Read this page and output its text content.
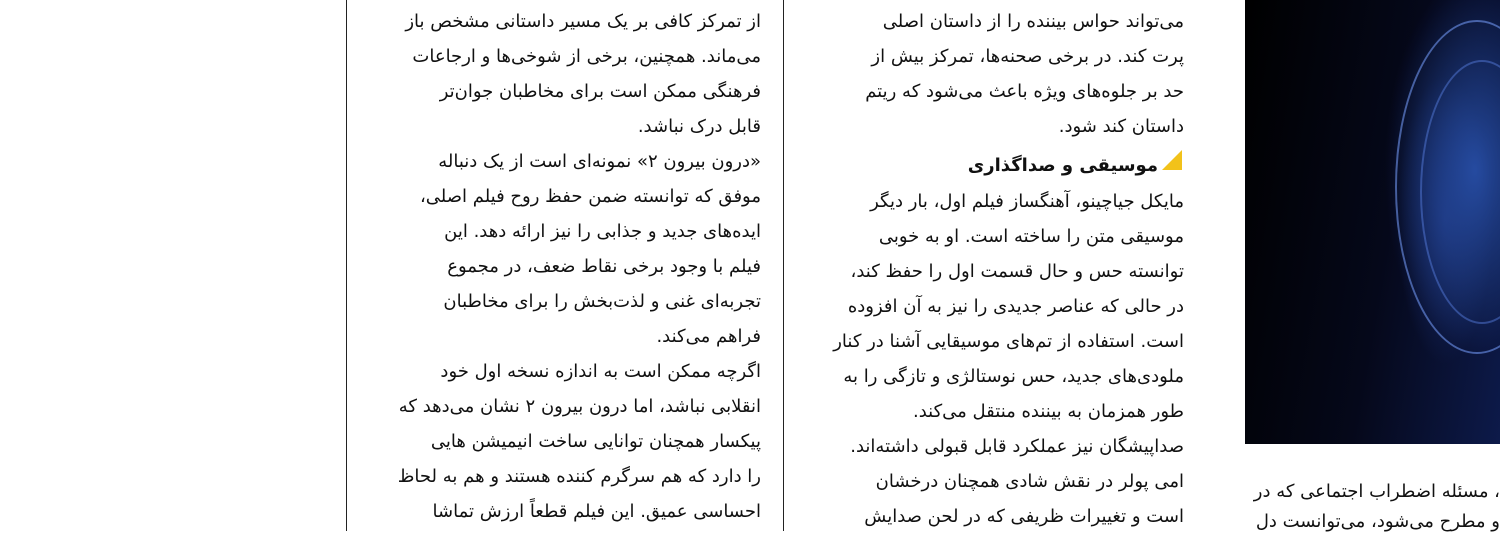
از تمرکز کافی بر یک مسیر داستانی مشخص باز
می‌ماند. همچنین، برخی از شوخی‌ها و ارجاعات
فرهنگی ممکن است برای مخاطبان جوان‌تر
قابل درک نباشد.
«درون بیرون ۲» نمونه‌ای است از یک دنباله
موفق که توانسته ضمن حفظ روح فیلم اصلی،
ایده‌های جدید و جذابی را نیز ارائه دهد. این
فیلم با وجود برخی نقاط ضعف، در مجموع
تجربه‌ای غنی و لذت‌بخش را برای مخاطبان
فراهم می‌کند.
اگرچه ممکن است به اندازه نسخه اول خود
انقلابی نباشد، اما درون بیرون ۲ نشان می‌دهد که
پیکسار همچنان توانایی ساخت انیمیشن هایی
را دارد که هم سرگرم کننده هستند و هم به لحاظ
احساسی عمیق. این فیلم قطعاً ارزش تماشا
می‌تواند حواس بیننده را از داستان اصلی
پرت کند. در برخی صحنه‌ها، تمرکز بیش از
حد بر جلوه‌های ویژه باعث می‌شود که ریتم
داستان کند شود.
موسیقی و صداگذاری
مایکل جیاچینو، آهنگساز فیلم اول، بار دیگر
موسیقی متن را ساخته است. او به خوبی
توانسته حس و حال قسمت اول را حفظ کند،
در حالی که عناصر جدیدی را نیز به آن افزوده
است. استفاده از تم‌های موسیقایی آشنا در کنار
ملودی‌های جدید، حس نوستالژی و تازگی را به
طور همزمان به بیننده منتقل می‌کند.
صداپیشگان نیز عملکرد قابل قبولی داشته‌اند.
امی پولر در نقش شادی همچنان درخشان
است و تغییرات ظریفی که در لحن صدایش
، مسئله اضطراب اجتماعی که در
و مطرح می‌شود، می‌توانست دل
